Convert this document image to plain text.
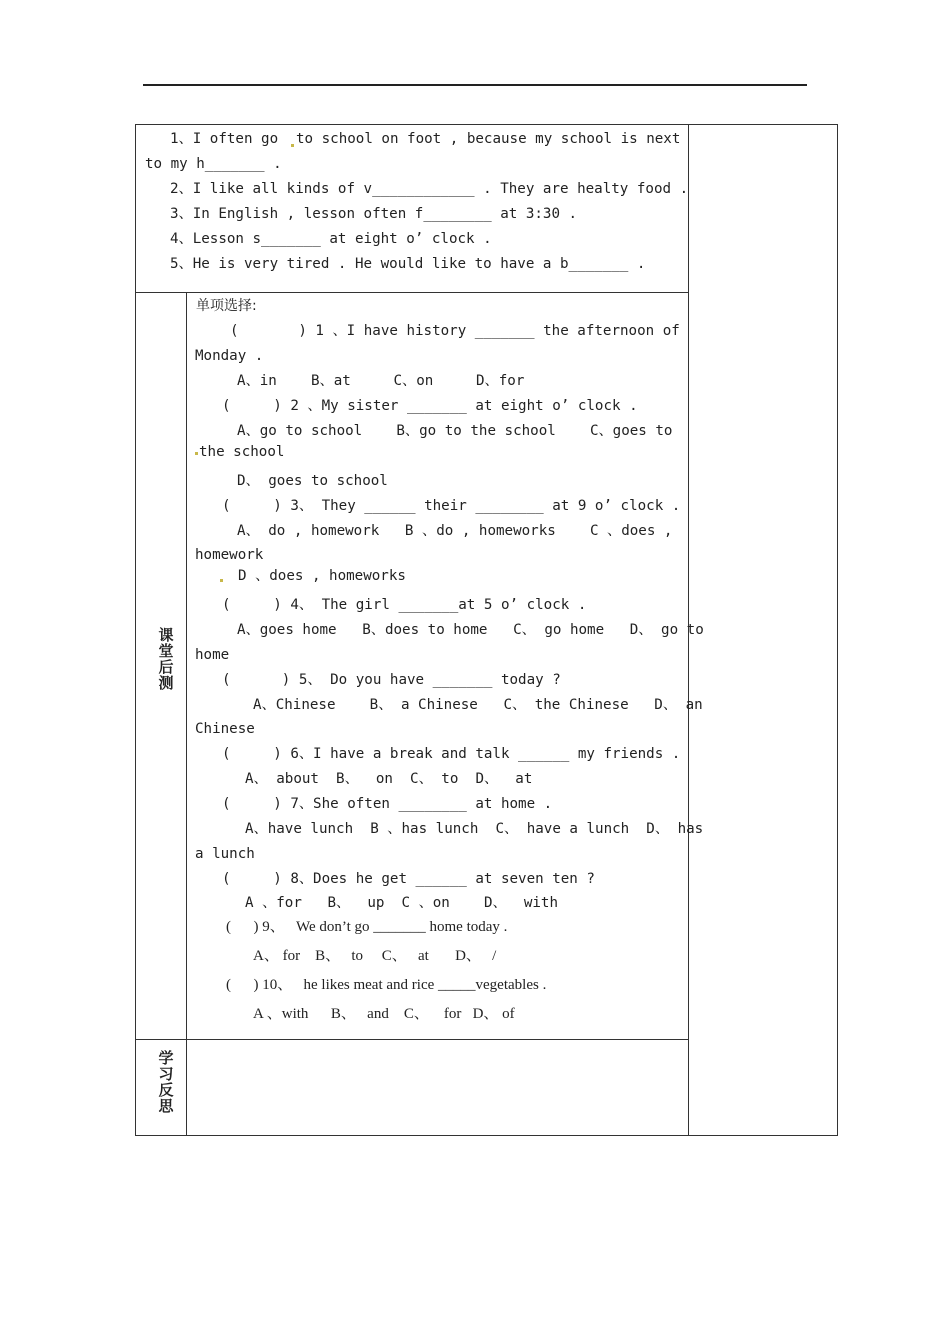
1、I often go to school on foot , because my school is next
to my h_______ .
2、I like all kinds of v____________ . They are healty food .
3、In English , lesson often f________ at 3:30 .
4、Lesson s_______ at eight o’ clock .
5、He is very tired . He would like to have a b_______ .
课
堂
后
测
单项选择:
(       ) 1 、I have history _______ the afternoon of
Monday .
A、in    B、at     C、on     D、for
(     ) 2 、My sister _______ at eight o’ clock .
A、go to school    B、go to the school    C、goes to
the school
D、 goes to school
(     ) 3、 They ______ their ________ at 9 o’ clock .
A、 do , homework   B 、do , homeworks    C 、does ,
homework
D 、does , homeworks
(     ) 4、 The girl _______at 5 o’ clock .
A、goes home   B、does to home   C、 go home   D、 go to
home
(      ) 5、 Do you have _______ today ?
A、Chinese    B、 a Chinese   C、 the Chinese   D、 an
Chinese
(     ) 6、I have a break and talk ______ my friends .
A、 about  B、  on  C、 to  D、  at
(     ) 7、She often ________ at home .
A、have lunch  B 、has lunch  C、 have a lunch  D、 has
a lunch
(     ) 8、Does he get ______ at seven ten ?
A 、for   B、  up  C 、on    D、  with
(      ) 9、   We don’t go _______ home today .
A、 for    B、   to     C、   at       D、   /
(      ) 10、   he likes meat and rice _____vegetables .
A 、with      B、   and    C、    for   D、 of
学
习
反
思
